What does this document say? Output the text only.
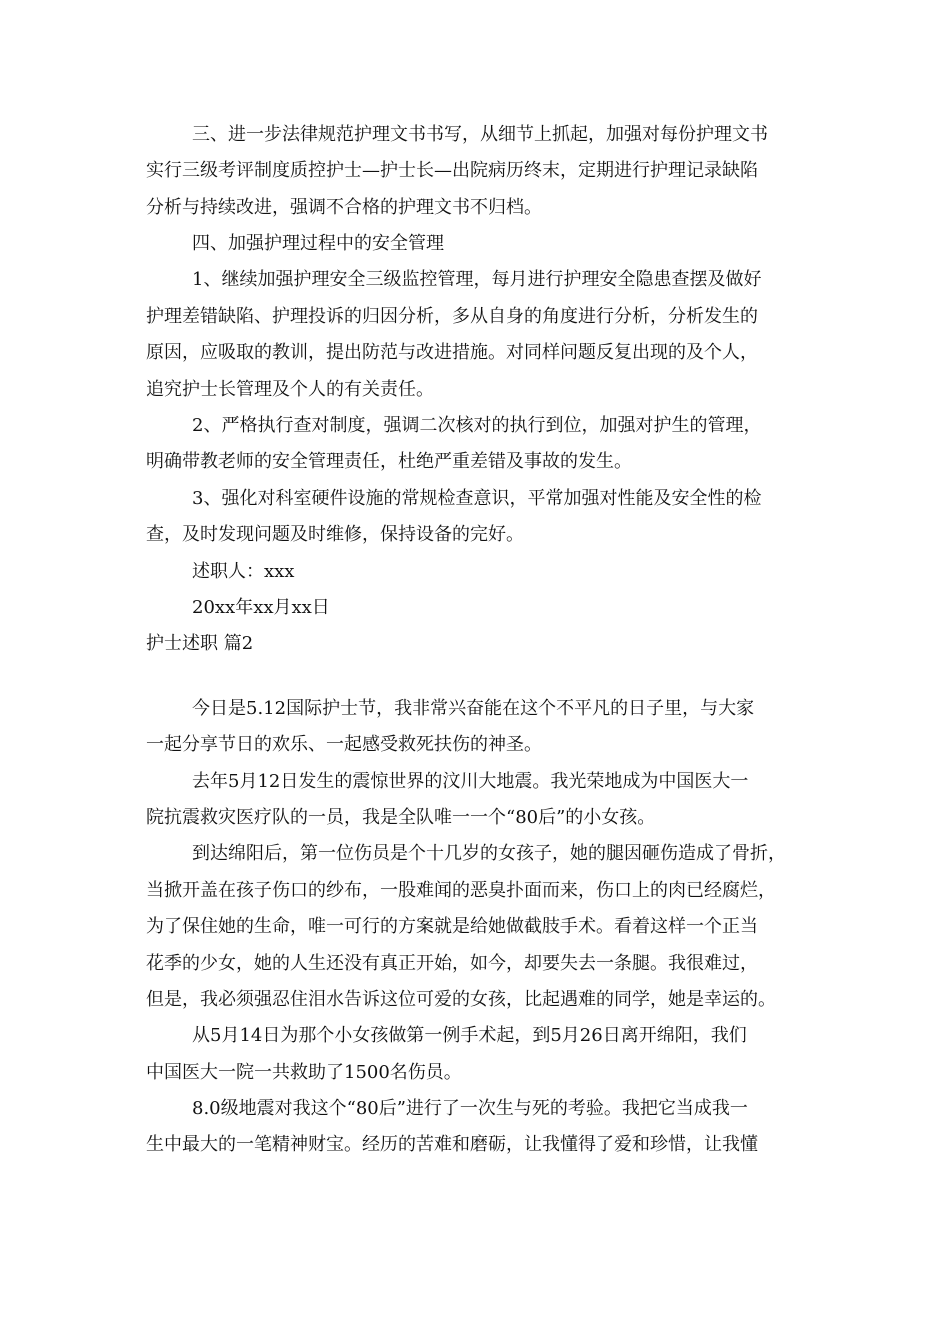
三、进一步法律规范护理文书书写，从细节上抓起，加强对每份护理文书
实行三级考评制度质控护士—护士长—出院病历终末，定期进行护理记录缺陷
分析与持续改进，强调不合格的护理文书不归档。
四、加强护理过程中的安全管理
1、继续加强护理安全三级监控管理，每月进行护理安全隐患查摆及做好
护理差错缺陷、护理投诉的归因分析，多从自身的角度进行分析，分析发生的
原因，应吸取的教训，提出防范与改进措施。对同样问题反复出现的及个人，
追究护士长管理及个人的有关责任。
2、严格执行查对制度，强调二次核对的执行到位，加强对护生的管理，
明确带教老师的安全管理责任，杜绝严重差错及事故的发生。
3、强化对科室硬件设施的常规检查意识，平常加强对性能及安全性的检
查，及时发现问题及时维修，保持设备的完好。
述职人：xxx
20xx年xx月xx日
护士述职 篇2
今日是5.12国际护士节，我非常兴奋能在这个不平凡的日子里，与大家
一起分享节日的欢乐、一起感受救死扶伤的神圣。
去年5月12日发生的震惊世界的汶川大地震。我光荣地成为中国医大一
院抗震救灾医疗队的一员，我是全队唯一一个“80后”的小女孩。
到达绵阳后，第一位伤员是个十几岁的女孩子，她的腿因砸伤造成了骨折，
当掀开盖在孩子伤口的纱布，一股难闻的恶臭扑面而来，伤口上的肉已经腐烂，
为了保住她的生命，唯一可行的方案就是给她做截肢手术。看着这样一个正当
花季的少女，她的人生还没有真正开始，如今，却要失去一条腿。我很难过，
但是，我必须强忍住泪水告诉这位可爱的女孩，比起遇难的同学，她是幸运的。
从5月14日为那个小女孩做第一例手术起，到5月26日离开绵阳，我们
中国医大一院一共救助了1500名伤员。
8.0级地震对我这个“80后”进行了一次生与死的考验。我把它当成我一
生中最大的一笔精神财宝。经历的苦难和磨砺，让我懂得了爱和珍惜，让我懂
